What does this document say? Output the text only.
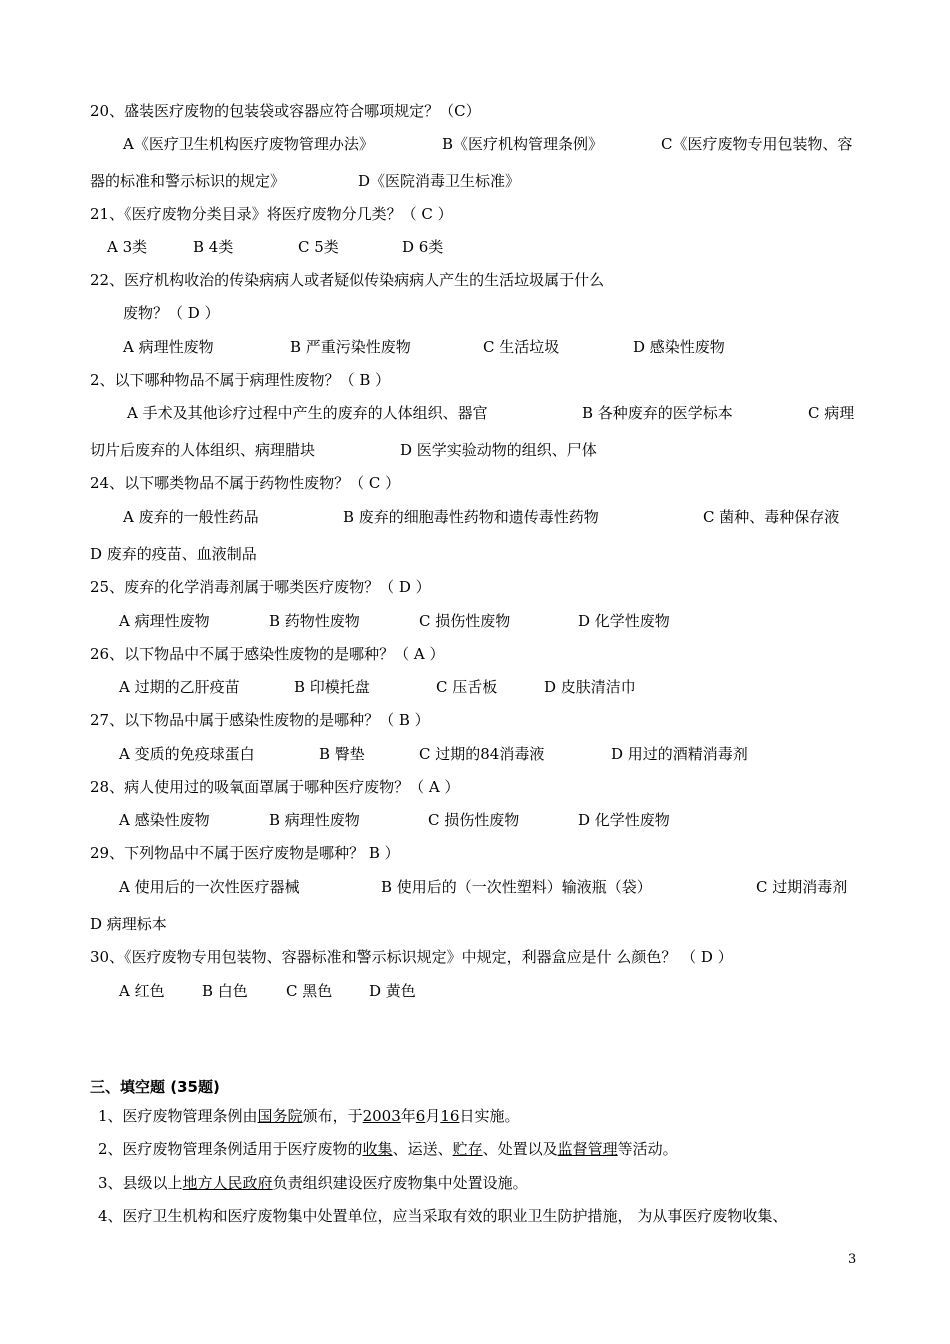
20、盛装医疗废物的包装袋或容器应符合哪项规定？（C）
A《医疗卫生机构医疗废物管理办法》	B《医疗机构管理条例》	C《医疗废物专用包装物、容
器的标准和警示标识的规定》	D《医院消毒卫生标准》
21、《医疗废物分类目录》将医疗废物分几类？（ C ）
A 3类	B 4类	C 5类	D 6类
22、医疗机构收治的传染病病人或者疑似传染病病人产生的生活垃圾属于什么
废物？（ D ）
A 病理性废物	B 严重污染性废物	C 生活垃圾	D 感染性废物
2、以下哪种物品不属于病理性废物？（ B ）
A 手术及其他诊疗过程中产生的废弃的人体组织、器官	B 各种废弃的医学标本	C 病理
切片后废弃的人体组织、病理腊块	D 医学实验动物的组织、尸体
24、以下哪类物品不属于药物性废物？（ C ）
A 废弃的一般性药品	B 废弃的细胞毒性药物和遗传毒性药物	C 菌种、毒种保存液
D 废弃的疫苗、血液制品
25、废弃的化学消毒剂属于哪类医疗废物？（ D ）
A 病理性废物	B 药物性废物	C 损伤性废物	D 化学性废物
26、以下物品中不属于感染性废物的是哪种？（ A ）
A 过期的乙肝疫苗	B 印模托盘	C 压舌板	D 皮肤清洁巾
27、以下物品中属于感染性废物的是哪种？（ B ）
A 变质的免疫球蛋白	B 臀垫	C 过期的84消毒液	D 用过的酒精消毒剂
28、病人使用过的吸氧面罩属于哪种医疗废物？（ A ）
A 感染性废物	B 病理性废物	C 损伤性废物	D 化学性废物
29、下列物品中不属于医疗废物是哪种？ B ）
A 使用后的一次性医疗器械	B 使用后的（一次性塑料）输液瓶（袋）	C 过期消毒剂
D 病理标本
30、《医疗废物专用包装物、容器标准和警示标识规定》中规定，利器盒应是什 么颜色？ （ D ）
A 红色 B 白色	C 黑色 D 黄色
三、填空题 (35题)
1、医疗废物管理条例由国务院颁布，于2003年6月16日实施。
2、医疗废物管理条例适用于医疗废物的收集、运送、贮存、处置以及监督管理等活动。
3、县级以上地方人民政府负责组织建设医疗废物集中处置设施。
4、医疗卫生机构和医疗废物集中处置单位，应当采取有效的职业卫生防护措施， 为从事医疗废物收集、
3
